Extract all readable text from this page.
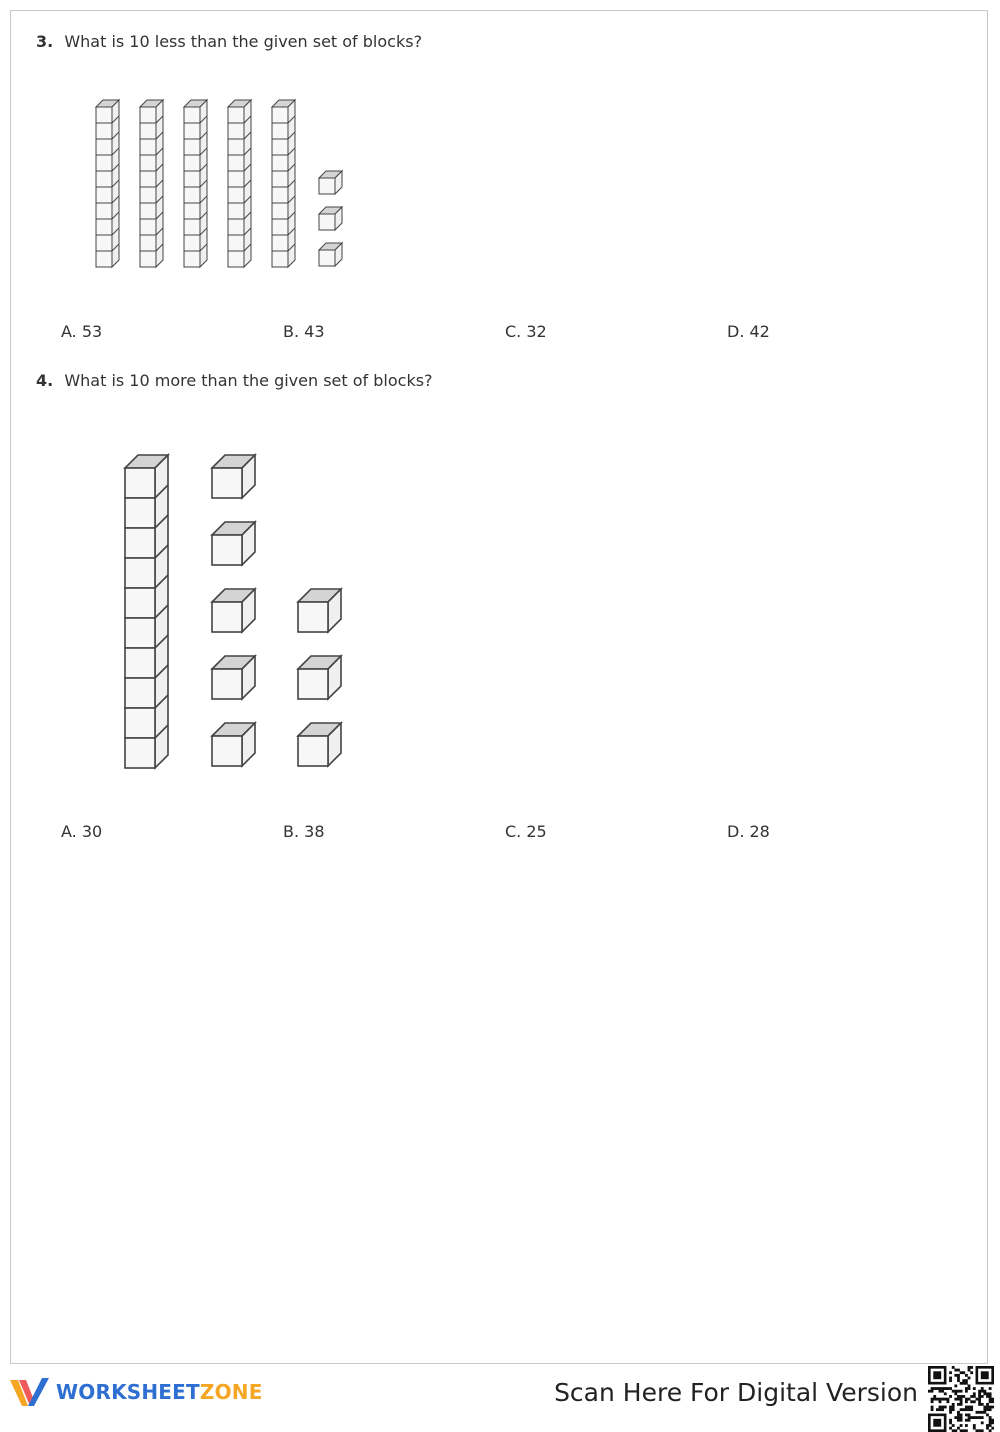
3. What is 10 less than the given set of blocks?
A. 53	B. 43	C. 32	D. 42
4. What is 10 more than the given set of blocks?
A. 30	B. 38	C. 25	D. 28
WORKSHEETZONE	Scan Here For Digital Version
